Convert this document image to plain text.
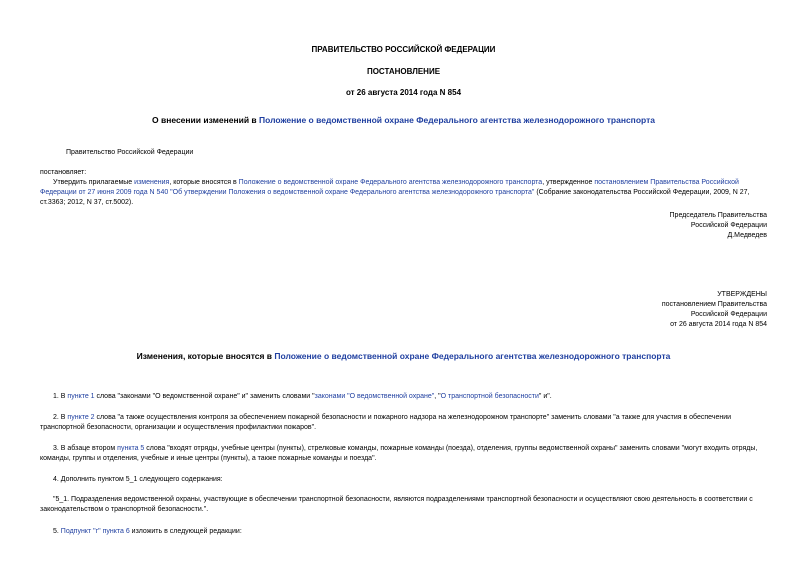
ПРАВИТЕЛЬСТВО РОССИЙСКОЙ ФЕДЕРАЦИИ
ПОСТАНОВЛЕНИЕ
от 26 августа 2014 года N 854
О внесении изменений в Положение о ведомственной охране Федерального агентства железнодорожного транспорта
Правительство Российской Федерации
постановляет:
Утвердить прилагаемые изменения, которые вносятся в Положение о ведомственной охране Федерального агентства железнодорожного транспорта, утвержденное постановлением Правительства Российской Федерации от 27 июня 2009 года N 540 "Об утверждении Положения о ведомственной охране Федерального агентства железнодорожного транспорта" (Собрание законодательства Российской Федерации, 2009, N 27, ст.3363; 2012, N 37, ст.5002).
Председатель Правительства
Российской Федерации
Д.Медведев
УТВЕРЖДЕНЫ
постановлением Правительства
Российской Федерации
от 26 августа 2014 года N 854
Изменения, которые вносятся в Положение о ведомственной охране Федерального агентства железнодорожного транспорта
1. В пункте 1 слова "законами "О ведомственной охране" и" заменить словами "законами "О ведомственной охране", "О транспортной безопасности" и".
2. В пункте 2 слова "а также осуществления контроля за обеспечением пожарной безопасности и пожарного надзора на железнодорожном транспорте" заменить словами "а также для участия в обеспечении транспортной безопасности, организации и осуществления профилактики пожаров".
3. В абзаце втором пункта 5 слова "входят отряды, учебные центры (пункты), стрелковые команды, пожарные команды (поезда), отделения, группы ведомственной охраны" заменить словами "могут входить отряды, команды, группы и отделения, учебные и иные центры (пункты), а также пожарные команды и поезда".
4. Дополнить пунктом 5_1 следующего содержания:
"5_1. Подразделения ведомственной охраны, участвующие в обеспечении транспортной безопасности, являются подразделениями транспортной безопасности и осуществляют свою деятельность в соответствии с законодательством о транспортной безопасности.".
5. Подпункт "г" пункта 6 изложить в следующей редакции:
